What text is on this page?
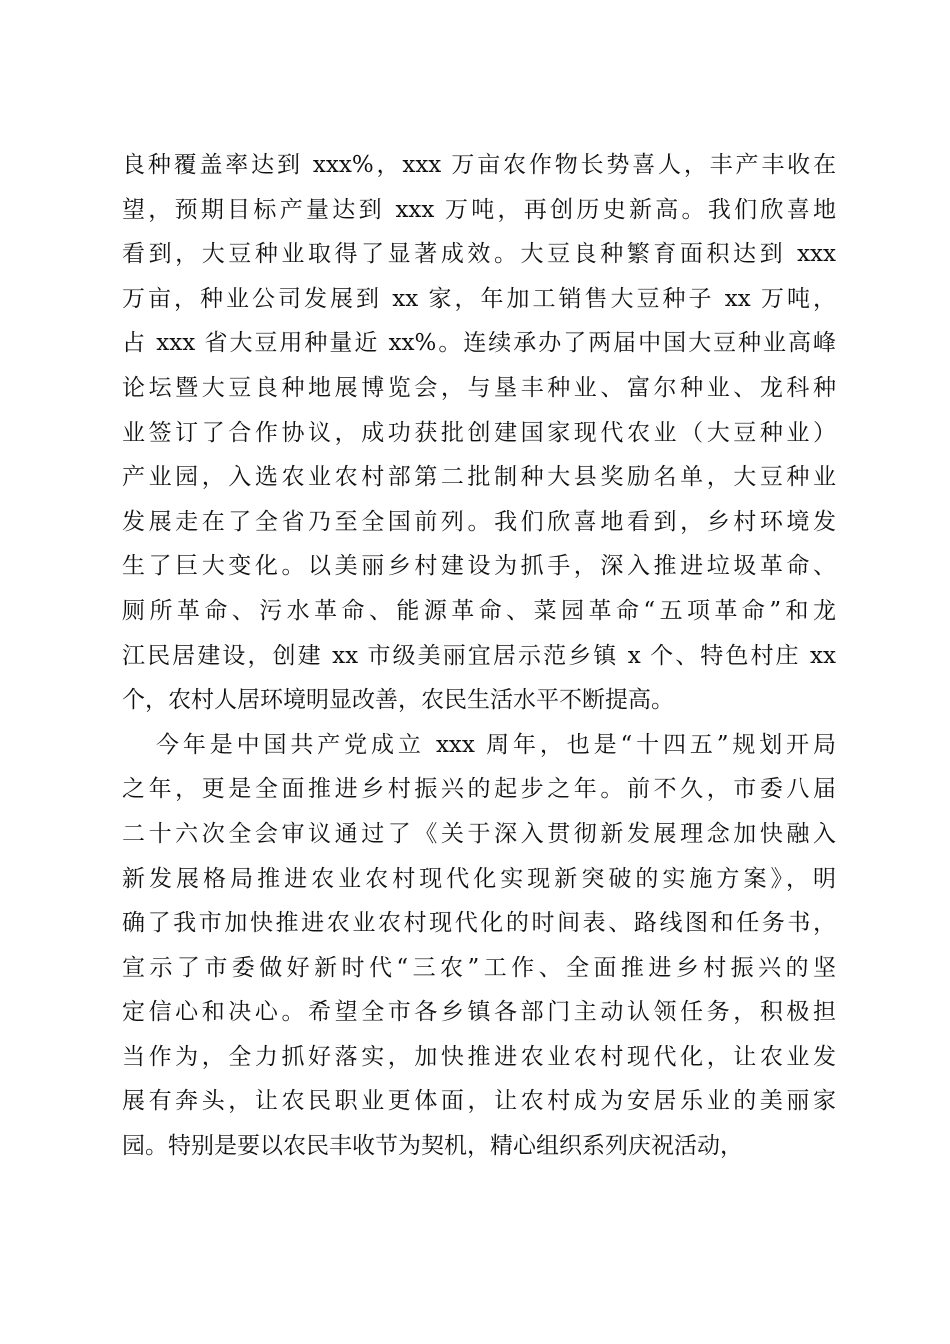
良种覆盖率达到 xxx%，xxx 万亩农作物长势喜人，丰产丰收在
望，预期目标产量达到 xxx 万吨，再创历史新高。我们欣喜地
看到，大豆种业取得了显著成效。大豆良种繁育面积达到 xxx
万亩，种业公司发展到 xx 家，年加工销售大豆种子 xx 万吨，
占 xxx 省大豆用种量近 xx%。连续承办了两届中国大豆种业高峰
论坛暨大豆良种地展博览会，与垦丰种业、富尔种业、龙科种
业签订了合作协议，成功获批创建国家现代农业（大豆种业）
产业园，入选农业农村部第二批制种大县奖励名单，大豆种业
发展走在了全省乃至全国前列。我们欣喜地看到，乡村环境发
生了巨大变化。以美丽乡村建设为抓手，深入推进垃圾革命、
厕所革命、污水革命、能源革命、菜园革命“五项革命”和龙
江民居建设，创建 xx 市级美丽宜居示范乡镇 x 个、特色村庄 xx
个，农村人居环境明显改善，农民生活水平不断提高。
今年是中国共产党成立 xxx 周年，也是“十四五”规划开局
之年，更是全面推进乡村振兴的起步之年。前不久，市委八届
二十六次全会审议通过了《关于深入贯彻新发展理念加快融入
新发展格局推进农业农村现代化实现新突破的实施方案》，明
确了我市加快推进农业农村现代化的时间表、路线图和任务书，
宣示了市委做好新时代“三农”工作、全面推进乡村振兴的坚
定信心和决心。希望全市各乡镇各部门主动认领任务，积极担
当作为，全力抓好落实，加快推进农业农村现代化，让农业发
展有奔头，让农民职业更体面，让农村成为安居乐业的美丽家
园。特别是要以农民丰收节为契机，精心组织系列庆祝活动，
